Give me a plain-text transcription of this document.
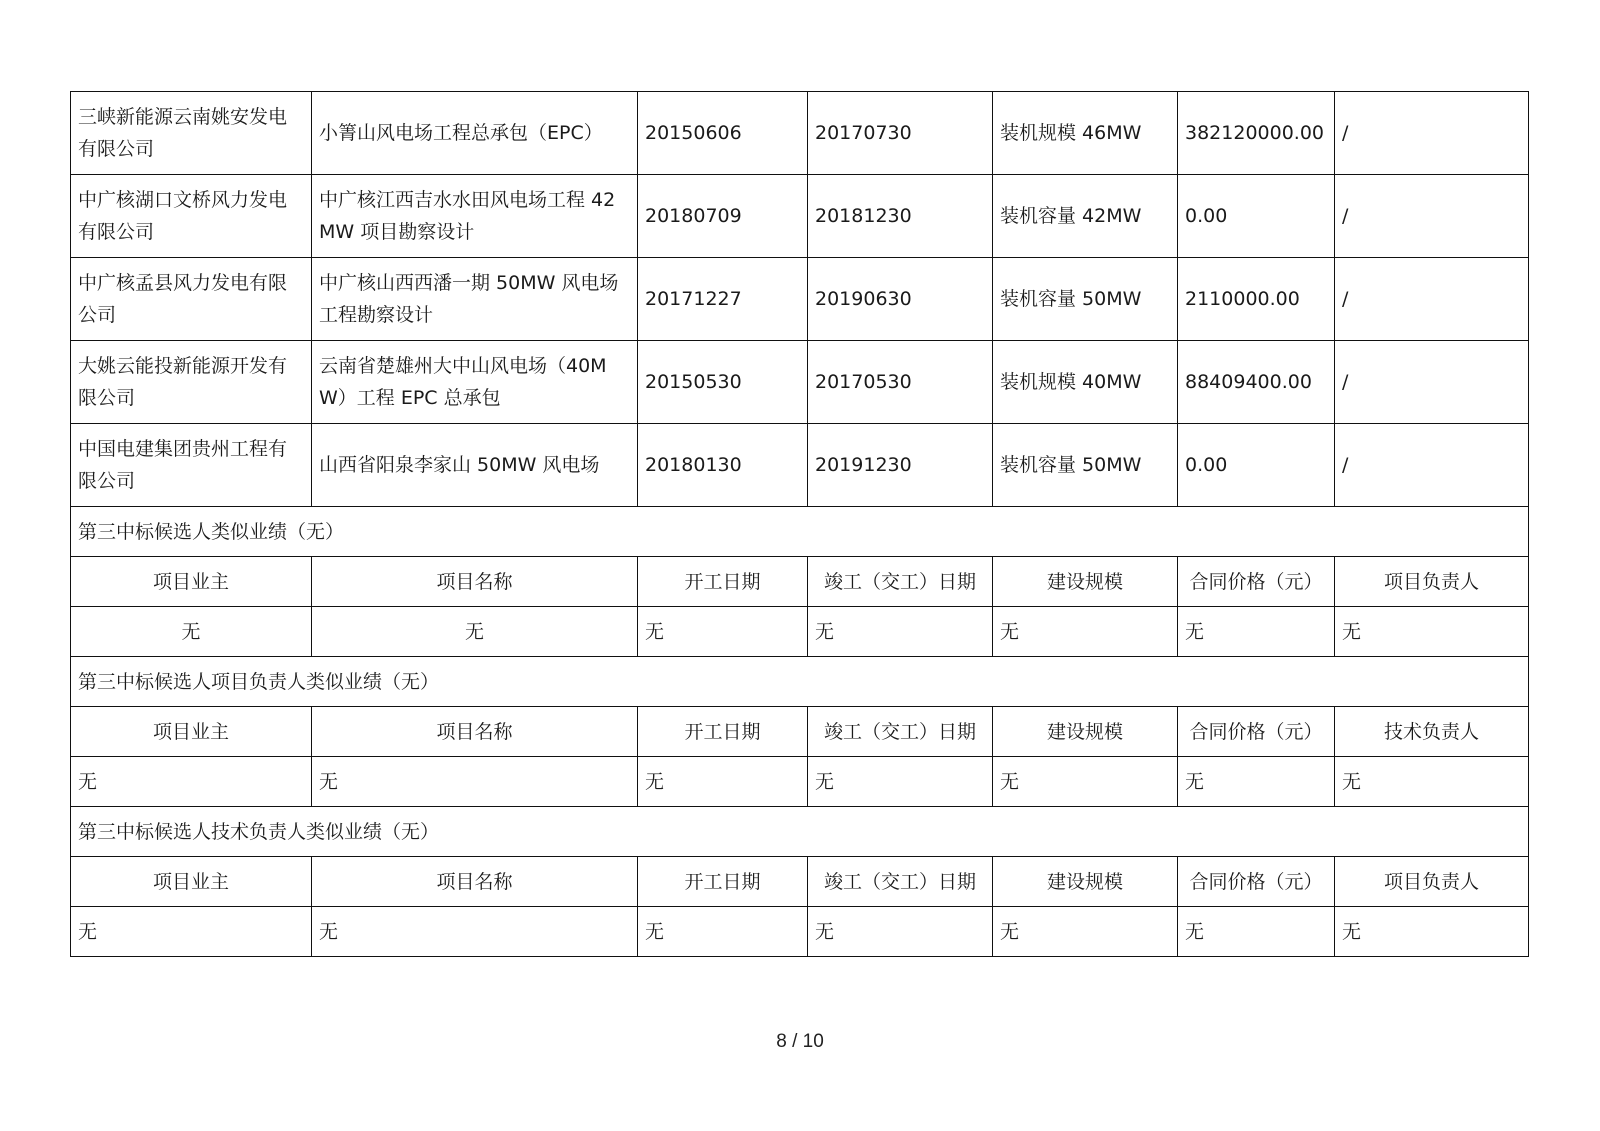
三峡新能源云南姚安发电有限公司	小箐山风电场工程总承包（EPC）	20150606	20170730	装机规模 46MW	382120000.00	/
中广核湖口文桥风力发电有限公司	中广核江西吉水水田风电场工程 42MW 项目勘察设计	20180709	20181230	装机容量 42MW	0.00	/
中广核孟县风力发电有限公司	中广核山西西潘一期 50MW 风电场工程勘察设计	20171227	20190630	装机容量 50MW	2110000.00	/
大姚云能投新能源开发有限公司	云南省楚雄州大中山风电场（40MW）工程 EPC 总承包	20150530	20170530	装机规模 40MW	88409400.00	/
中国电建集团贵州工程有限公司	山西省阳泉李家山 50MW 风电场	20180130	20191230	装机容量 50MW	0.00	/
第三中标候选人类似业绩（无）						
项目业主	项目名称	开工日期	竣工（交工）日期	建设规模	合同价格（元）	项目负责人
无	无	无	无	无	无	无
第三中标候选人项目负责人类似业绩（无）						
项目业主	项目名称	开工日期	竣工（交工）日期	建设规模	合同价格（元）	技术负责人
无	无	无	无	无	无	无
第三中标候选人技术负责人类似业绩（无）						
项目业主	项目名称	开工日期	竣工（交工）日期	建设规模	合同价格（元）	项目负责人
无	无	无	无	无	无	无
8 / 10
